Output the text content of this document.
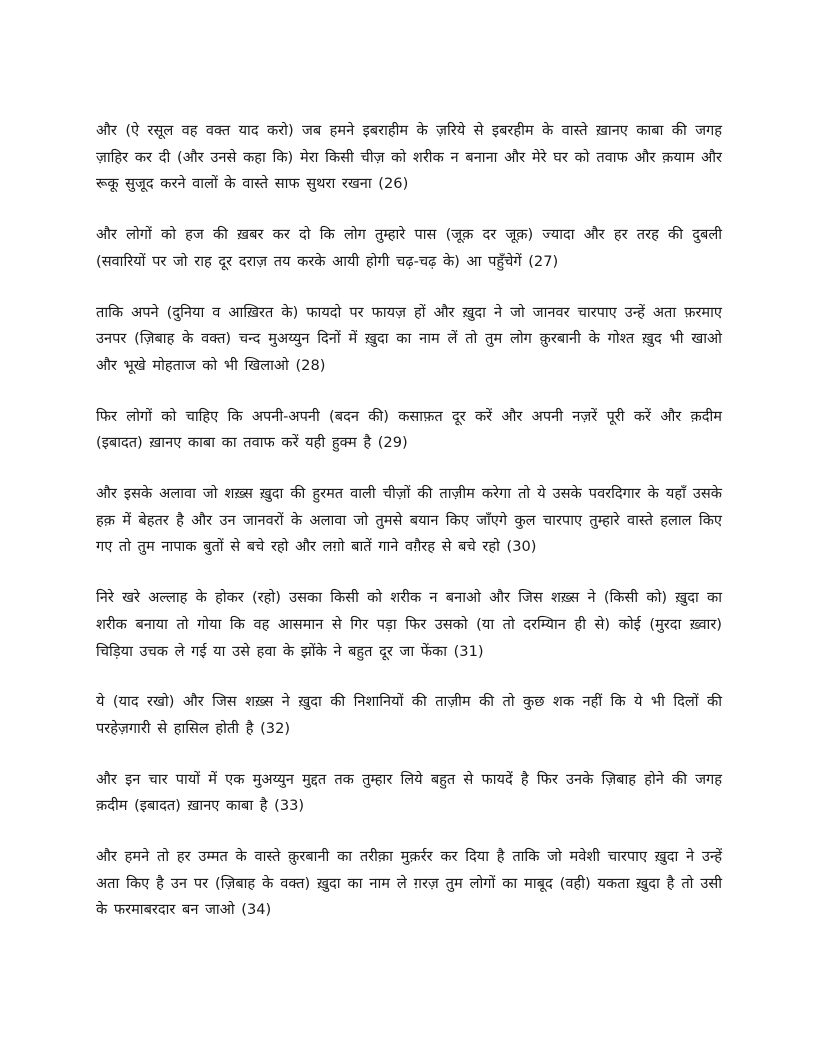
और (ऐ रसूल वह वक्त याद करो) जब हमने इबराहीम के ज़रिये से इबरहीम के वास्ते ख़ानए काबा की जगह ज़ाहिर कर दी (और उनसे कहा कि) मेरा किसी चीज़ को शरीक न बनाना और मेरे घर को तवाफ और क़याम और रूकू सुजूद करने वालों के वास्ते साफ सुथरा रखना (26)

और लोगों को हज की ख़बर कर दो कि लोग तुम्हारे पास (जूक़ दर जूक़) ज्यादा और हर तरह की दुबली (सवारियों पर जो राह दूर दराज़ तय करके आयी होगी चढ़-चढ़ के) आ पहुँचेगें (27)

ताकि अपने (दुनिया व आख़िरत के) फायदो पर फायज़ हों और ख़ुदा ने जो जानवर चारपाए उन्हें अता फ़रमाए उनपर (ज़िबाह के वक्त) चन्द मुअय्युन दिनों में ख़ुदा का नाम लें तो तुम लोग क़ुरबानी के गोश्त ख़ुद भी खाओ और भूखे मोहताज को भी खिलाओ (28)

फिर लोगों को चाहिए कि अपनी-अपनी (बदन की) कसाफ़त दूर करें और अपनी नज़रें पूरी करें और क़दीम (इबादत) ख़ानए काबा का तवाफ करें यही हुक्म है (29)

और इसके अलावा जो शख़्स ख़ुदा की हुरमत वाली चीज़ों की ताज़ीम करेगा तो ये उसके पवरदिगार के यहाँ उसके हक़ में बेहतर है और उन जानवरों के अलावा जो तुमसे बयान किए जाँएगे कुल चारपाए तुम्हारे वास्ते हलाल किए गए तो तुम नापाक बुतों से बचे रहो और लग़ो बातें गाने वग़ैरह से बचे रहो (30)

निरे खरे अल्लाह के होकर (रहो) उसका किसी को शरीक न बनाओ और जिस शख़्स ने (किसी को) ख़ुदा का शरीक बनाया तो गोया कि वह आसमान से गिर पड़ा फिर उसको (या तो दरम्यिान ही से) कोई (मुरदा ख़्वार) चिड़िया उचक ले गई या उसे हवा के झोंके ने बहुत दूर जा फेंका (31)

ये (याद रखो) और जिस शख़्स ने ख़ुदा की निशानियों की ताज़ीम की तो कुछ शक नहीं कि ये भी दिलों की परहेज़गारी से हासिल होती है (32)

और इन चार पायों में एक मुअय्युन मुद्दत तक तुम्हार लिये बहुत से फायदें है फिर उनके ज़िबाह होने की जगह क़दीम (इबादत) ख़ानए काबा है (33)

और हमने तो हर उम्मत के वास्ते क़ुरबानी का तरीक़ा मुक़र्रर कर दिया है ताकि जो मवेशी चारपाए ख़ुदा ने उन्हें अता किए है उन पर (ज़िबाह के वक्त) ख़ुदा का नाम ले ग़रज़ तुम लोगों का माबूद (वही) यकता ख़ुदा है तो उसी के फरमाबरदार बन जाओ (34)
